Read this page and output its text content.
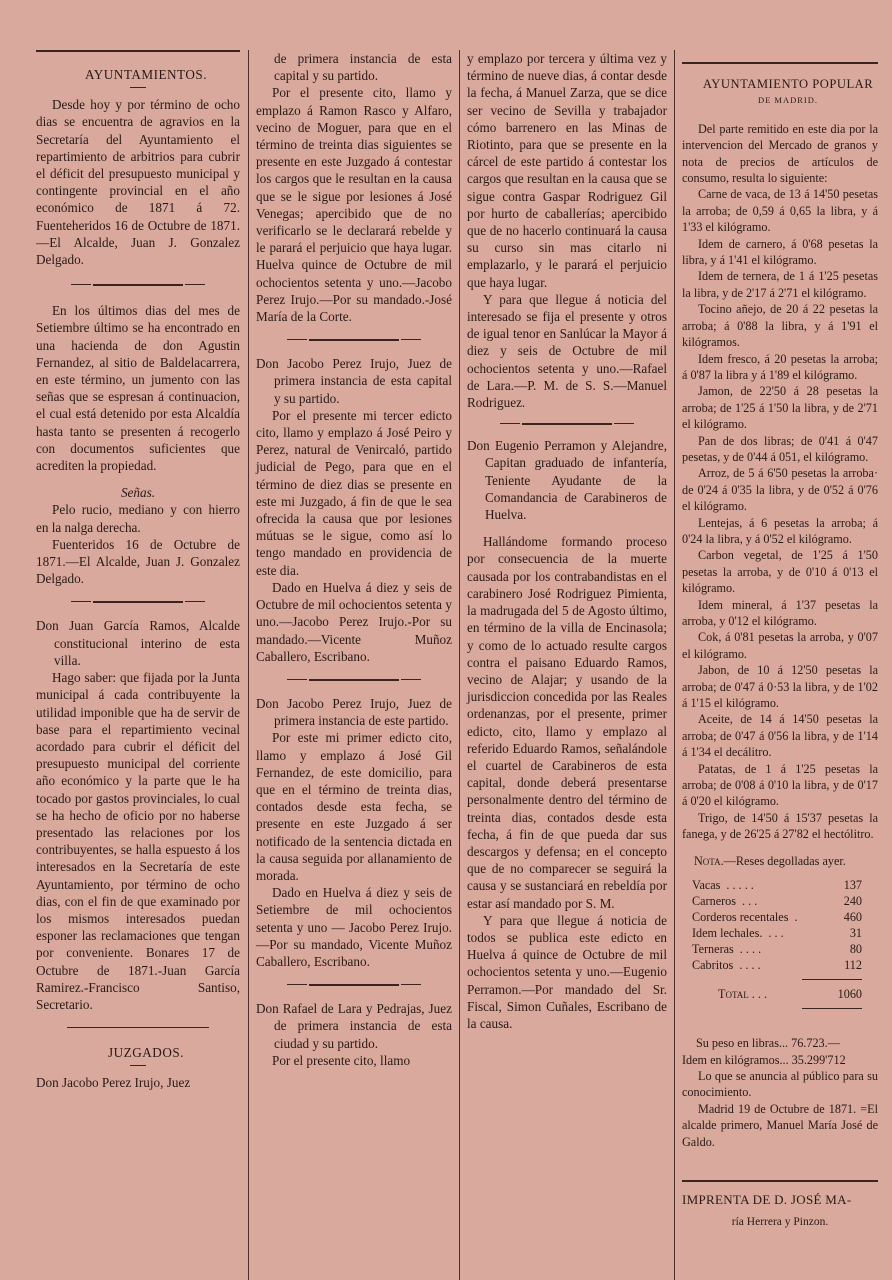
AYUNTAMIENTOS.

Desde hoy y por término de ocho dias se encuentra de agravios en la Secretaría del Ayuntamiento el repartimiento de arbitrios para cubrir el déficit del presupuesto municipal y contingente provincial en el año económico de 1871 á 72. Fuenteheridos 16 de Octubre de 1871.—El Alcalde, Juan J. Gonzalez Delgado.

En los últimos dias del mes de Setiembre último se ha encontrado en una hacienda de don Agustin Fernandez, al sitio de Baldelacarrera, en este término, un jumento con las señas que se espresan á continuacion, el cual está detenido por esta Alcaldía hasta tanto se presenten á recogerlo con documentos suficientes que acrediten la propiedad.

Señas.

Pelo rucio, mediano y con hierro en la nalga derecha.

Fuenteridos 16 de Octubre de 1871.—El Alcalde, Juan J. Gonzalez Delgado.

Don Juan García Ramos, Alcalde constitucional interino de esta villa.

Hago saber: que fijada por la Junta municipal á cada contribuyente la utilidad imponible que ha de servir de base para el repartimiento vecinal acordado para cubrir el déficit del presupuesto municipal del corriente año económico y la parte que le ha tocado por gastos provinciales, lo cual se ha hecho de oficio por no haberse presentado las relaciones por los contribuyentes, se halla espuesto á los interesados en la Secretaría de este Ayuntamiento, por término de ocho dias, con el fin de que examinado por los mismos interesados puedan esponer las reclamaciones que tengan por conveniente. Bonares 17 de Octubre de 1871.-Juan García Ramirez.-Francisco Santiso, Secretario.

JUZGADOS.

Don Jacobo Perez Irujo, Juez

de primera instancia de esta capital y su partido.

Por el presente cito, llamo y emplazo á Ramon Rasco y Alfaro, vecino de Moguer, para que en el término de treinta dias siguientes se presente en este Juzgado á contestar los cargos que le resultan en la causa que se le sigue por lesiones á José Venegas; apercibido que de no verificarlo se le declarará rebelde y le parará el perjuicio que haya lugar. Huelva quince de Octubre de mil ochocientos setenta y uno.—Jacobo Perez Irujo.—Por su mandado.-José María de la Corte.

Don Jacobo Perez Irujo, Juez de primera instancia de esta capital y su partido.

Por el presente mi tercer edicto cito, llamo y emplazo á José Peiro y Perez, natural de Venircaló, partido judicial de Pego, para que en el término de diez dias se presente en este mi Juzgado, á fin de que le sea ofrecida la causa que por lesiones mútuas se le sigue, como así lo tengo mandado en providencia de este dia.

Dado en Huelva á diez y seis de Octubre de mil ochocientos setenta y uno.—Jacobo Perez Irujo.-Por su mandado.—Vicente Muñoz Caballero, Escribano.

Don Jacobo Perez Irujo, Juez de primera instancia de este partido.

Por este mi primer edicto cito, llamo y emplazo á José Gil Fernandez, de este domicilio, para que en el término de treinta dias, contados desde esta fecha, se presente en este Juzgado á ser notificado de la sentencia dictada en la causa seguida por allanamiento de morada.

Dado en Huelva á diez y seis de Setiembre de mil ochocientos setenta y uno — Jacobo Perez Irujo.—Por su mandado, Vicente Muñoz Caballero, Escribano.

Don Rafael de Lara y Pedrajas, Juez de primera instancia de esta ciudad y su partido.

Por el presente cito, llamo

y emplazo por tercera y última vez y término de nueve dias, á contar desde la fecha, á Manuel Zarza, que se dice ser vecino de Sevilla y trabajador cómo barrenero en las Minas de Riotinto, para que se presente en la cárcel de este partido á contestar los cargos que resultan en la causa que se sigue contra Gaspar Rodriguez Gil por hurto de caballerías; apercibido que de no hacerlo continuará la causa su curso sin mas citarlo ni emplazarlo, y le parará el perjuicio que haya lugar.

Y para que llegue á noticia del interesado se fija el presente y otros de igual tenor en Sanlúcar la Mayor á diez y seis de Octubre de mil ochocientos setenta y uno.—Rafael de Lara.—P. M. de S. S.—Manuel Rodriguez.

Don Eugenio Perramon y Alejandre, Capitan graduado de infantería, Teniente Ayudante de la Comandancia de Carabineros de Huelva.

Hallándome formando proceso por consecuencia de la muerte causada por los contrabandistas en el carabinero José Rodriguez Pimienta, la madrugada del 5 de Agosto último, en término de la villa de Encinasola; y como de lo actuado resulte cargos contra el paisano Eduardo Ramos, vecino de Alajar; y usando de la jurisdiccion concedida por las Reales ordenanzas, por el presente, primer edicto, cito, llamo y emplazo al referido Eduardo Ramos, señalándole el cuartel de Carabineros de esta capital, donde deberá presentarse personalmente dentro del término de treinta dias, contados desde esta fecha, á fin de que pueda dar sus descargos y defensa; en el concepto que de no comparecer se seguirá la causa y se sustanciará en rebeldía por estar así mandado por S. M.

Y para que llegue á noticia de todos se publica este edicto en Huelva á quince de Octubre de mil ochocientos setenta y uno.—Eugenio Perramon.—Por mandado del Sr. Fiscal, Simon Cuñales, Escribano de la causa.

AYUNTAMIENTO POPULAR

DE MADRID.

Del parte remitido en este dia por la intervencion del Mercado de granos y nota de precios de artículos de consumo, resulta lo siguiente:

Carne de vaca, de 13 á 14'50 pesetas la arroba; de 0,59 á 0,65 la libra, y á 1'33 el kilógramo.

Idem de carnero, á 0'68 pesetas la libra, y á 1'41 el kilógramo.

Idem de ternera, de 1 á 1'25 pesetas la libra, y de 2'17 á 2'71 el kilógramo.

Tocino añejo, de 20 á 22 pesetas la arroba; á 0'88 la libra, y á 1'91 el kilógramos.

Idem fresco, á 20 pesetas la arroba; á 0'87 la libra y á 1'89 el kilógramo.

Jamon, de 22'50 á 28 pesetas la arroba; de 1'25 á 1'50 la libra, y de 2'71 el kilógramo.

Pan de dos libras; de 0'41 á 0'47 pesetas, y de 0'44 á 051, el kilógramo.

Arroz, de 5 á 6'50 pesetas la arroba· de 0'24 á 0'35 la libra, y de 0'52 á 0'76 el kilógramo.

Lentejas, á 6 pesetas la arroba; á 0'24 la libra, y á 0'52 el kilógramo.

Carbon vegetal, de 1'25 á 1'50 pesetas la arroba, y de 0'10 á 0'13 el kilógramo.

Idem mineral, á 1'37 pesetas la arroba, y 0'12 el kilógramo.

Cok, á 0'81 pesetas la arroba, y 0'07 el kilógramo.

Jabon, de 10 á 12'50 pesetas la arroba; de 0'47 á 0·53 la libra, y de 1'02 á 1'15 el kilógramo.

Aceite, de 14 á 14'50 pesetas la arroba; de 0'47 á 0'56 la libra, y de 1'14 á 1'34 el decálitro.

Patatas, de 1 á 1'25 pesetas la arroba; de 0'08 á 0'10 la libra, y de 0'17 á 0'20 el kilógramo.

Trigo, de 14'50 á 15'37 pesetas la fanega, y de 26'25 á 27'82 el hectólitro.

Nota.—Reses degolladas ayer.

Vacas . . . . .	137
Carneros . . .	240
Corderos recentales .	460
Idem lechales. . . .	31
Terneras . . . .	80
Cabritos . . . .	112
Total . . .	1060

Su peso en libras... 76.723.—

Idem en kilógramos... 35.299'712

Lo que se anuncia al público para su conocimiento.

Madrid 19 de Octubre de 1871. =El alcalde primero, Manuel María José de Galdo.

IMPRENTA DE D. JOSÉ MA-

ría Herrera y Pinzon.
